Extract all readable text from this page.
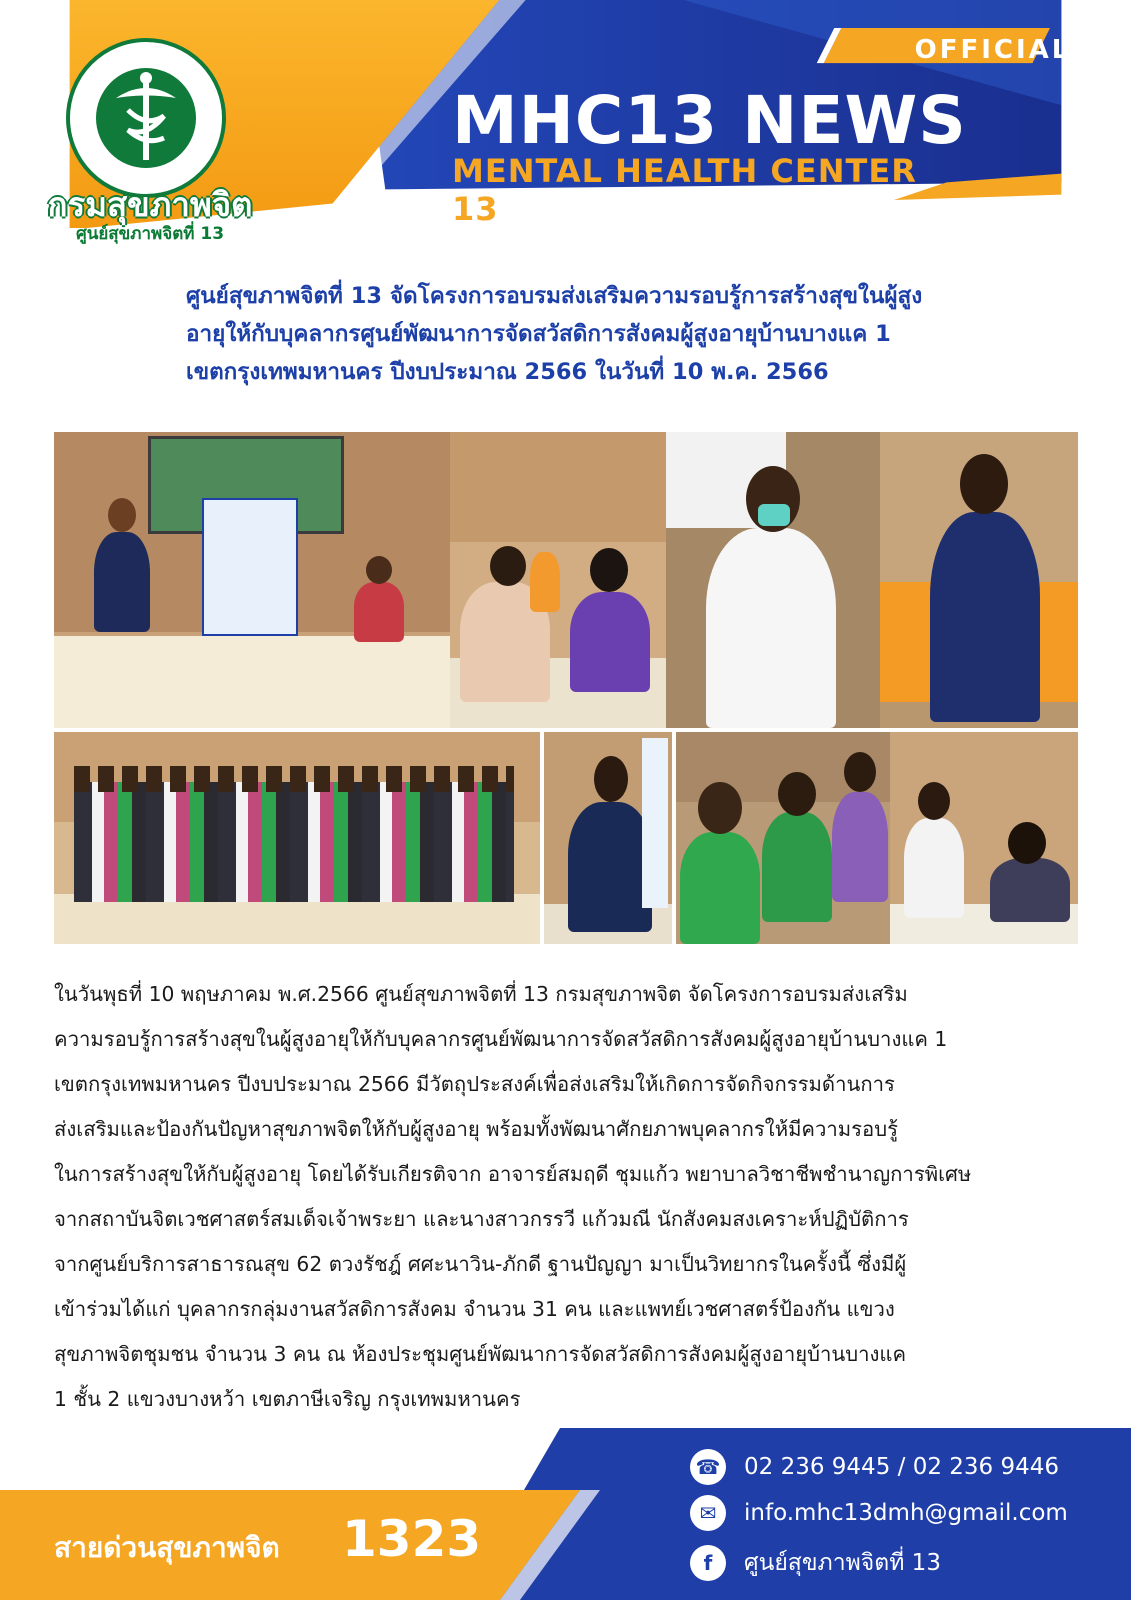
กรมสุขภาพจิต
ศูนย์สุขภาพจิตที่ 13
OFFICIAL
MHC13 NEWS
MENTAL HEALTH CENTER 13
ศูนย์สุขภาพจิตที่ 13 จัดโครงการอบรมส่งเสริมความรอบรู้การสร้างสุขในผู้สูง
อายุให้กับบุคลากรศูนย์พัฒนาการจัดสวัสดิการสังคมผู้สูงอายุบ้านบางแค 1
เขตกรุงเทพมหานคร ปีงบประมาณ 2566 ในวันที่ 10 พ.ค. 2566
ในวันพุธที่ 10 พฤษภาคม พ.ศ.2566 ศูนย์สุขภาพจิตที่ 13 กรมสุขภาพจิต จัดโครงการอบรมส่งเสริม
ความรอบรู้การสร้างสุขในผู้สูงอายุให้กับบุคลากรศูนย์พัฒนาการจัดสวัสดิการสังคมผู้สูงอายุบ้านบางแค 1
เขตกรุงเทพมหานคร ปีงบประมาณ 2566 มีวัตถุประสงค์เพื่อส่งเสริมให้เกิดการจัดกิจกรรมด้านการ
ส่งเสริมและป้องกันปัญหาสุขภาพจิตให้กับผู้สูงอายุ พร้อมทั้งพัฒนาศักยภาพบุคลากรให้มีความรอบรู้
ในการสร้างสุขให้กับผู้สูงอายุ โดยได้รับเกียรติจาก อาจารย์สมฤดี ชุมแก้ว พยาบาลวิชาชีพชำนาญการพิเศษ
จากสถาบันจิตเวชศาสตร์สมเด็จเจ้าพระยา และนางสาวกรรวี แก้วมณี นักสังคมสงเคราะห์ปฏิบัติการ
จากศูนย์บริการสาธารณสุข 62 ตวงรัชฎ์ ศศะนาวิน-ภักดี ฐานปัญญา มาเป็นวิทยากรในครั้งนี้ ซึ่งมีผู้
เข้าร่วมได้แก่ บุคลากรกลุ่มงานสวัสดิการสังคม จำนวน 31 คน และแพทย์เวชศาสตร์ป้องกัน แขวง
สุขภาพจิตชุมชน จำนวน 3 คน ณ ห้องประชุมศูนย์พัฒนาการจัดสวัสดิการสังคมผู้สูงอายุบ้านบางแค
1 ชั้น 2 แขวงบางหว้า เขตภาษีเจริญ กรุงเทพมหานคร
สายด่วนสุขภาพจิต 1323
☎ 02 236 9445 / 02 236 9446
✉	info.mhc13dmh@gmail.com
f	ศูนย์สุขภาพจิตที่ 13
